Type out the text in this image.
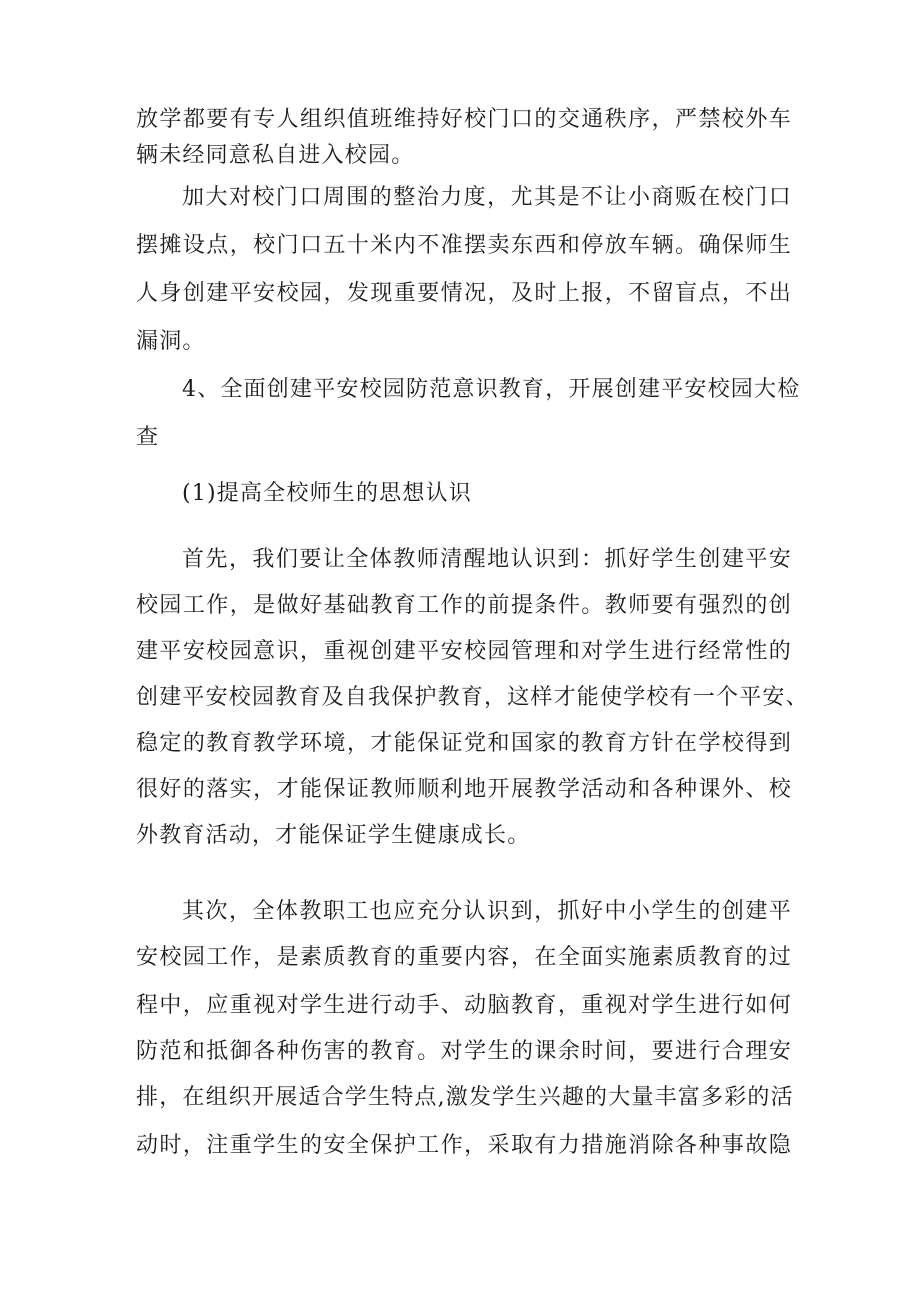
放学都要有专人组织值班维持好校门口的交通秩序，严禁校外车
辆未经同意私自进入校园。
加大对校门口周围的整治力度，尤其是不让小商贩在校门口
摆摊设点，校门口五十米内不准摆卖东西和停放车辆。确保师生
人身创建平安校园，发现重要情况，及时上报，不留盲点，不出
漏洞。
4、全面创建平安校园防范意识教育，开展创建平安校园大检
查
(1)提高全校师生的思想认识
首先，我们要让全体教师清醒地认识到：抓好学生创建平安
校园工作，是做好基础教育工作的前提条件。教师要有强烈的创
建平安校园意识，重视创建平安校园管理和对学生进行经常性的
创建平安校园教育及自我保护教育，这样才能使学校有一个平安、
稳定的教育教学环境，才能保证党和国家的教育方针在学校得到
很好的落实，才能保证教师顺利地开展教学活动和各种课外、校
外教育活动，才能保证学生健康成长。
其次，全体教职工也应充分认识到，抓好中小学生的创建平
安校园工作，是素质教育的重要内容，在全面实施素质教育的过
程中，应重视对学生进行动手、动脑教育，重视对学生进行如何
防范和抵御各种伤害的教育。对学生的课余时间，要进行合理安
排，在组织开展适合学生特点,激发学生兴趣的大量丰富多彩的活
动时，注重学生的安全保护工作，采取有力措施消除各种事故隐
